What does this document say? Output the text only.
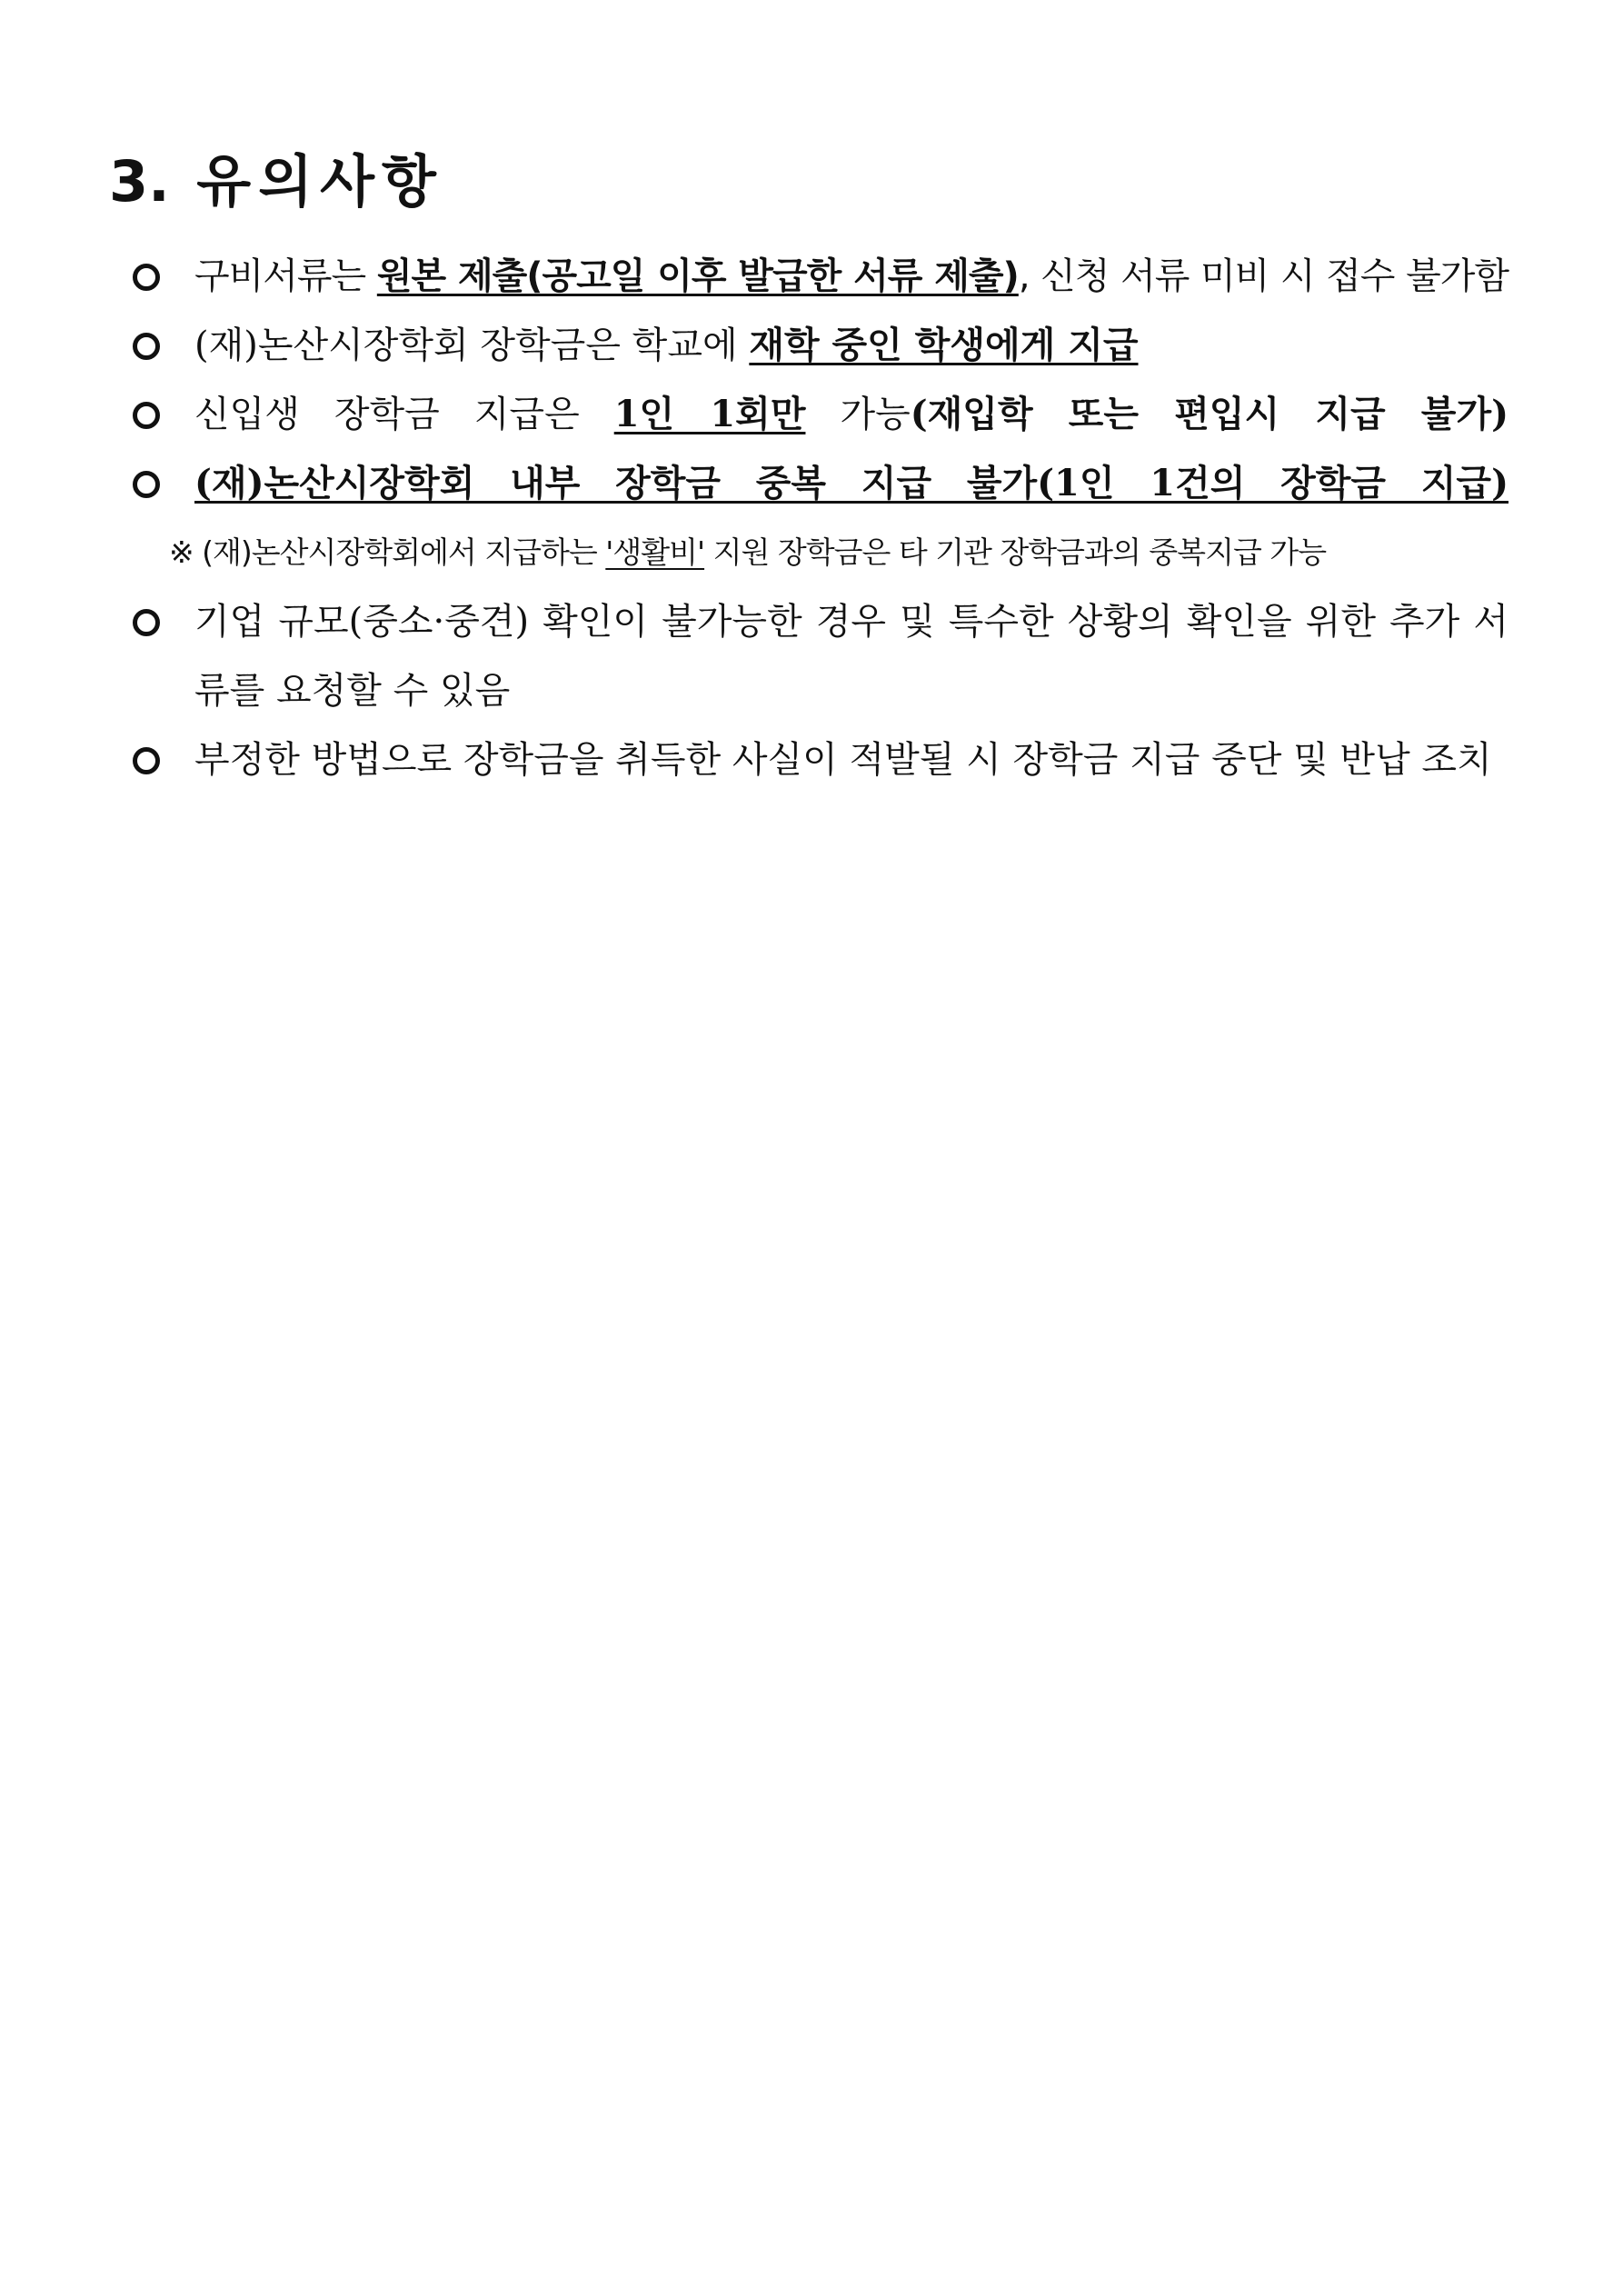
3. 유의사항
구비서류는 원본 제출(공고일 이후 발급한 서류 제출), 신청 서류 미비 시 접수 불가함
(재)논산시장학회 장학금은 학교에 재학 중인 학생에게 지급
신입생 장학금 지급은 1인 1회만 가능(재입학 또는 편입시 지급 불가)
(재)논산시장학회 내부 장학금 중복 지급 불가(1인 1건의 장학금 지급)
※ (재)논산시장학회에서 지급하는 '생활비' 지원 장학금은 타 기관 장학금과의 중복지급 가능
기업 규모(중소·중견) 확인이 불가능한 경우 및 특수한 상황의 확인을 위한 추가 서류를 요청할 수 있음
부정한 방법으로 장학금을 취득한 사실이 적발될 시 장학금 지급 중단 및 반납 조치
